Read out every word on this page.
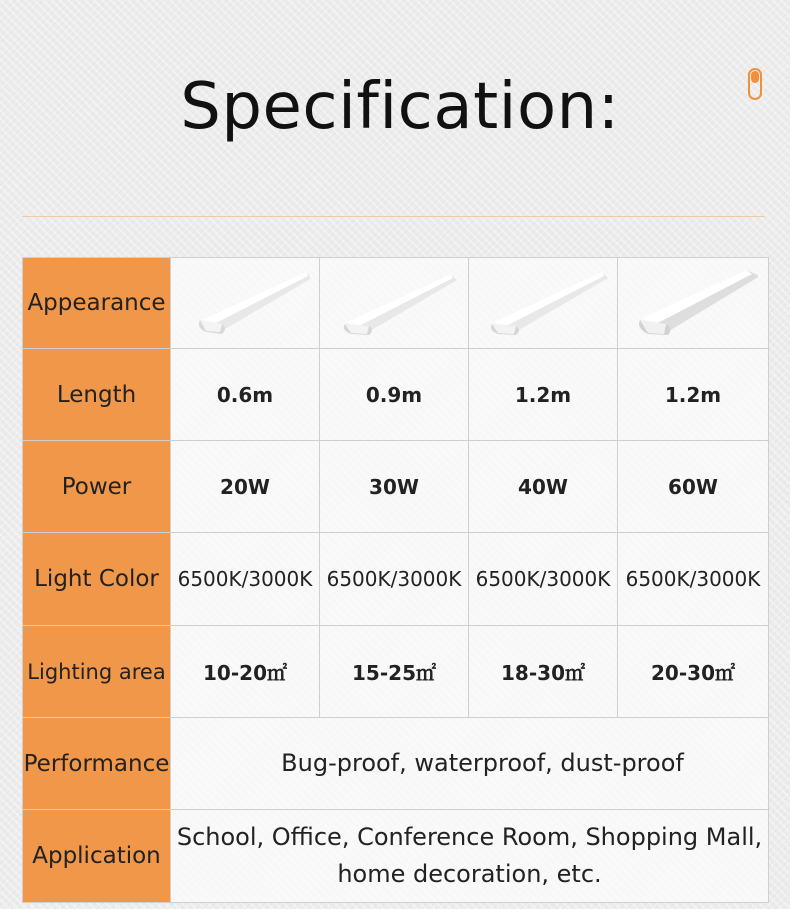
Specification:
Appearance	

Length	0.6m	0.9m	1.2m	1.2m
Power	20W	30W	40W	60W
Light Color	6500K/3000K	6500K/3000K	6500K/3000K	6500K/3000K
Lighting area	10-20㎡	15-25㎡	18-30㎡	20-30㎡
Performance	Bug-proof, waterproof, dust-proof			
Application	School, Office, Conference Room, Shopping Mall,
home decoration, etc.			
